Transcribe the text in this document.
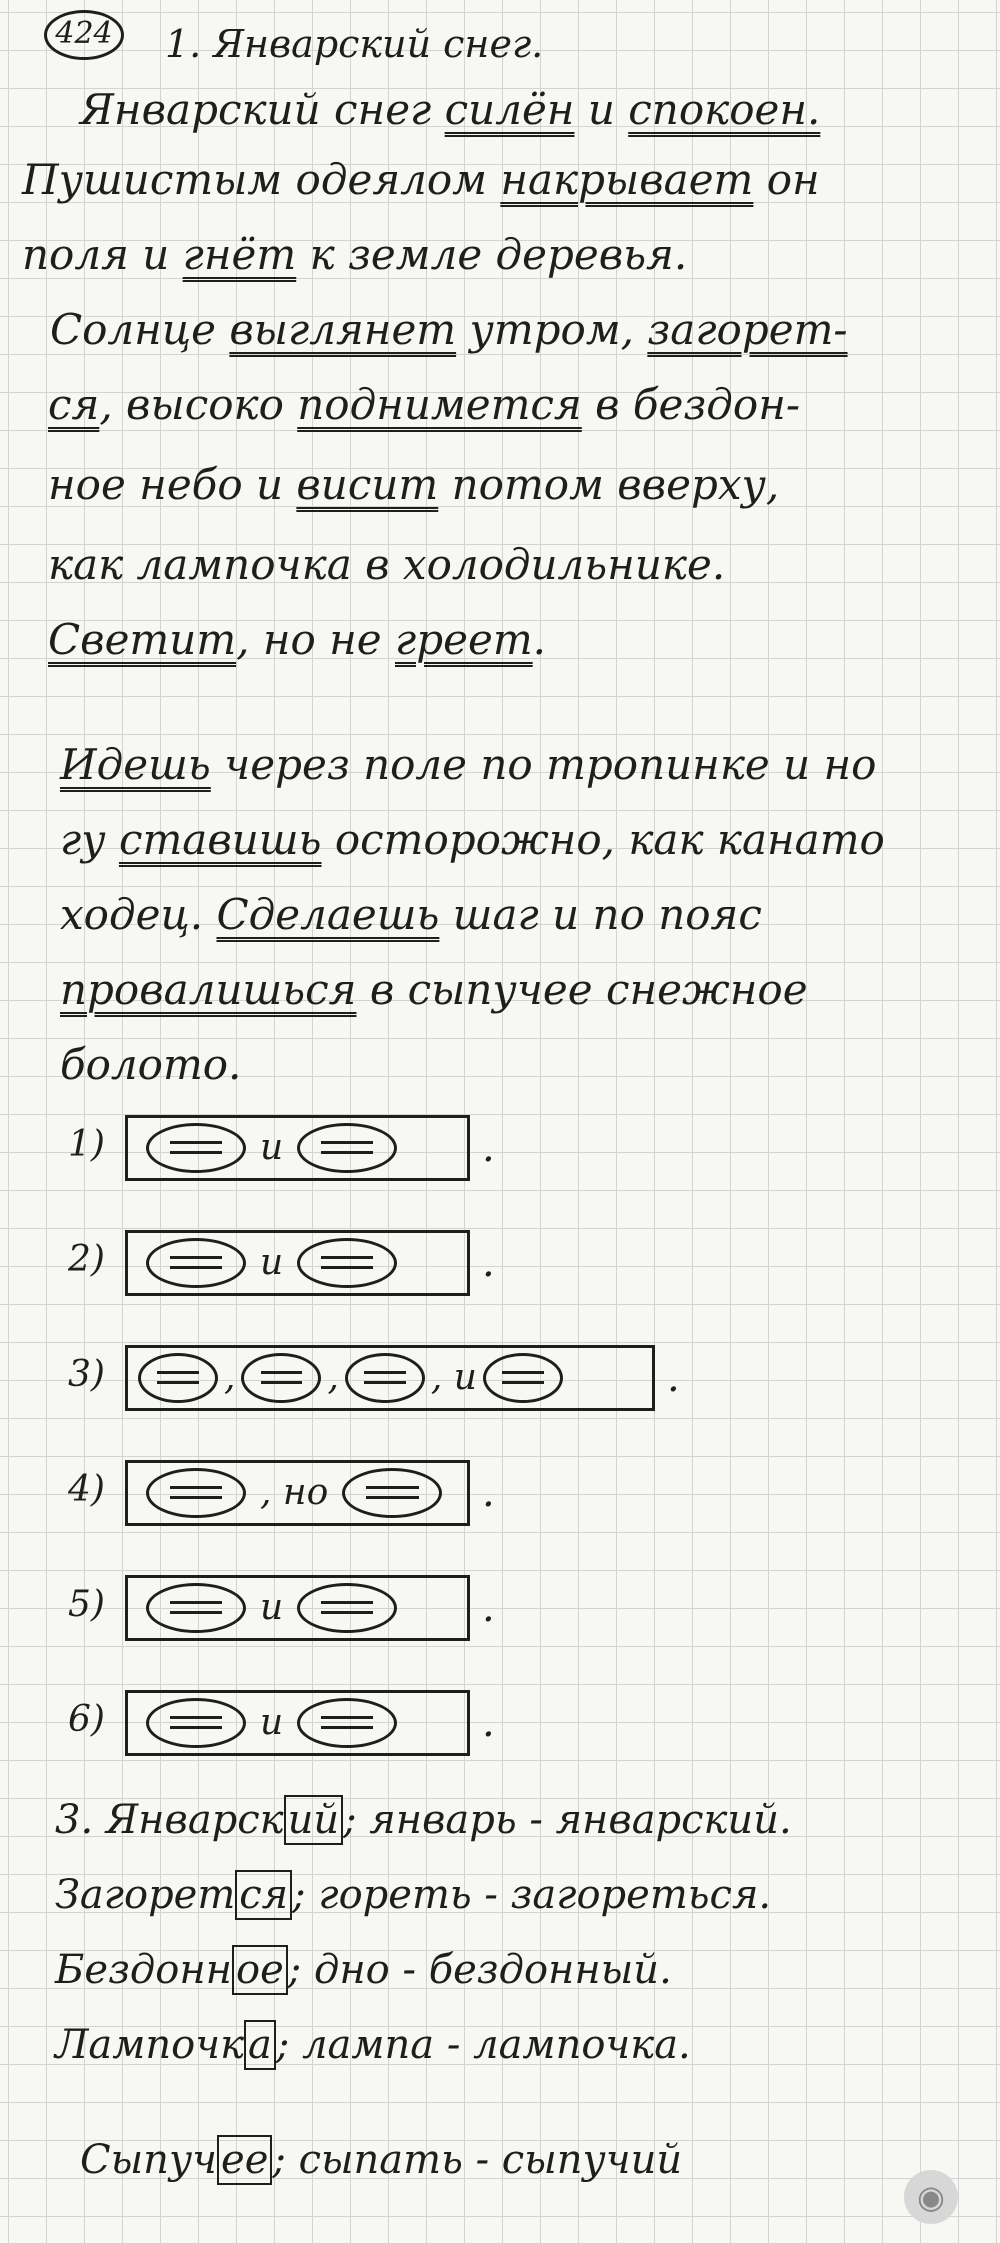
424 1. Январский снег.
Январский снег силён и спокоен.
Пушистым одеялом накрывает он
поля и гнёт к земле деревья.
Солнце выглянет утром, загорет-
ся, высоко поднимется в бездон-
ное небо и висит потом вверху,
как лампочка в холодильнике.
Светит, но не греет.
Идешь через поле по тропинке и но
гу ставишь осторожно, как канато
ходец. Сделаешь шаг и по пояс
провалишься в сыпучее снежное
болото.
1)	и	.
2)	и	.
3)	,	,	, и	.
4)	, но	.
5)	и	.
6)	и	.
3. Январск ий ; январь - январский.
Загорет ся ; гореть - загореться.
Бездонн ое ; дно - бездонный.
Лампочк а ; лампа - лампочка.
Сыпуч ее ; сыпать - сыпучий
◉
